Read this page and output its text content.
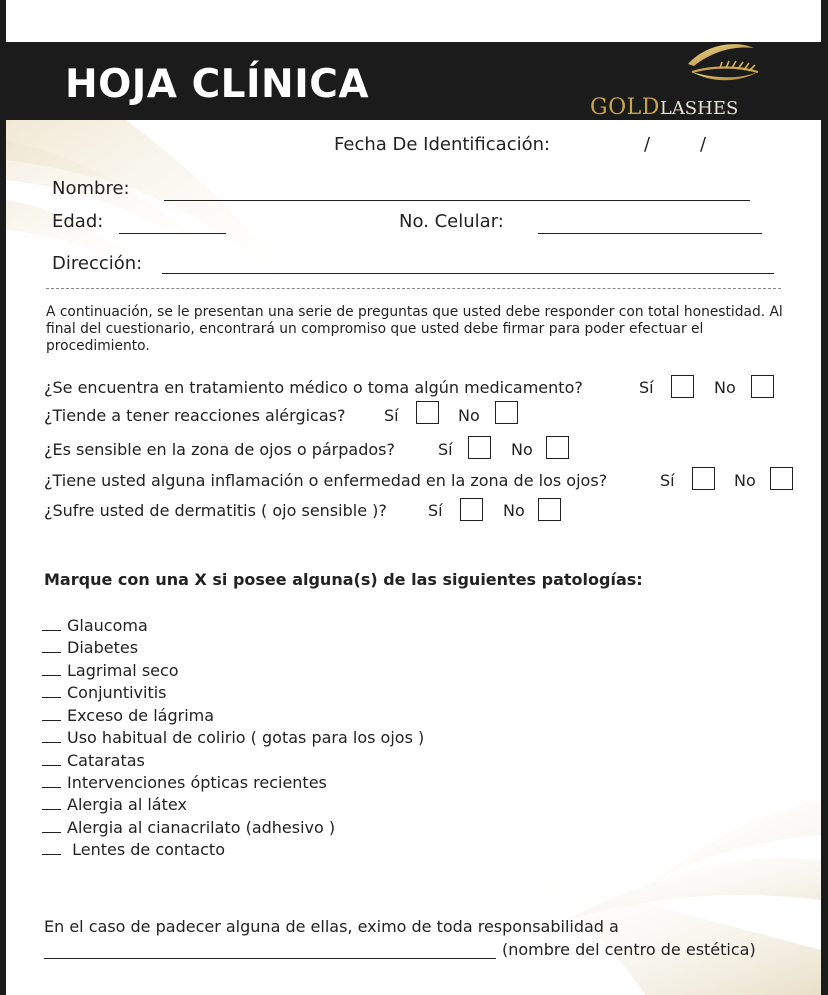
HOJA CLÍNICA
GOLDLASHES
Fecha De Identificación:	/	/
Nombre:
Edad:	No. Celular:
Dirección:
A continuación, se le presentan una serie de preguntas que usted debe responder con total honestidad. Al final del cuestionario, encontrará un compromiso que usted debe firmar para poder efectuar el procedimiento.
¿Se encuentra en tratamiento médico o toma algún medicamento?	Sí	No
¿Tiende a tener reacciones alérgicas? Sí	No
¿Es sensible en la zona de ojos o párpados?	Sí	No
¿Tiene usted alguna inflamación o enfermedad en la zona de los ojos?	Sí	No
¿Sufre usted de dermatitis ( ojo sensible )?	Sí	No
Marque con una X si posee alguna(s) de las siguientes patologías:
Glaucoma
Diabetes
Lagrimal seco
Conjuntivitis
Exceso de lágrima
Uso habitual de colirio ( gotas para los ojos )
Cataratas
Intervenciones ópticas recientes
Alergia al látex
Alergia al cianacrilato (adhesivo )
Lentes de contacto
En el caso de padecer alguna de ellas, eximo de toda responsabilidad a
(nombre del centro de estética)
